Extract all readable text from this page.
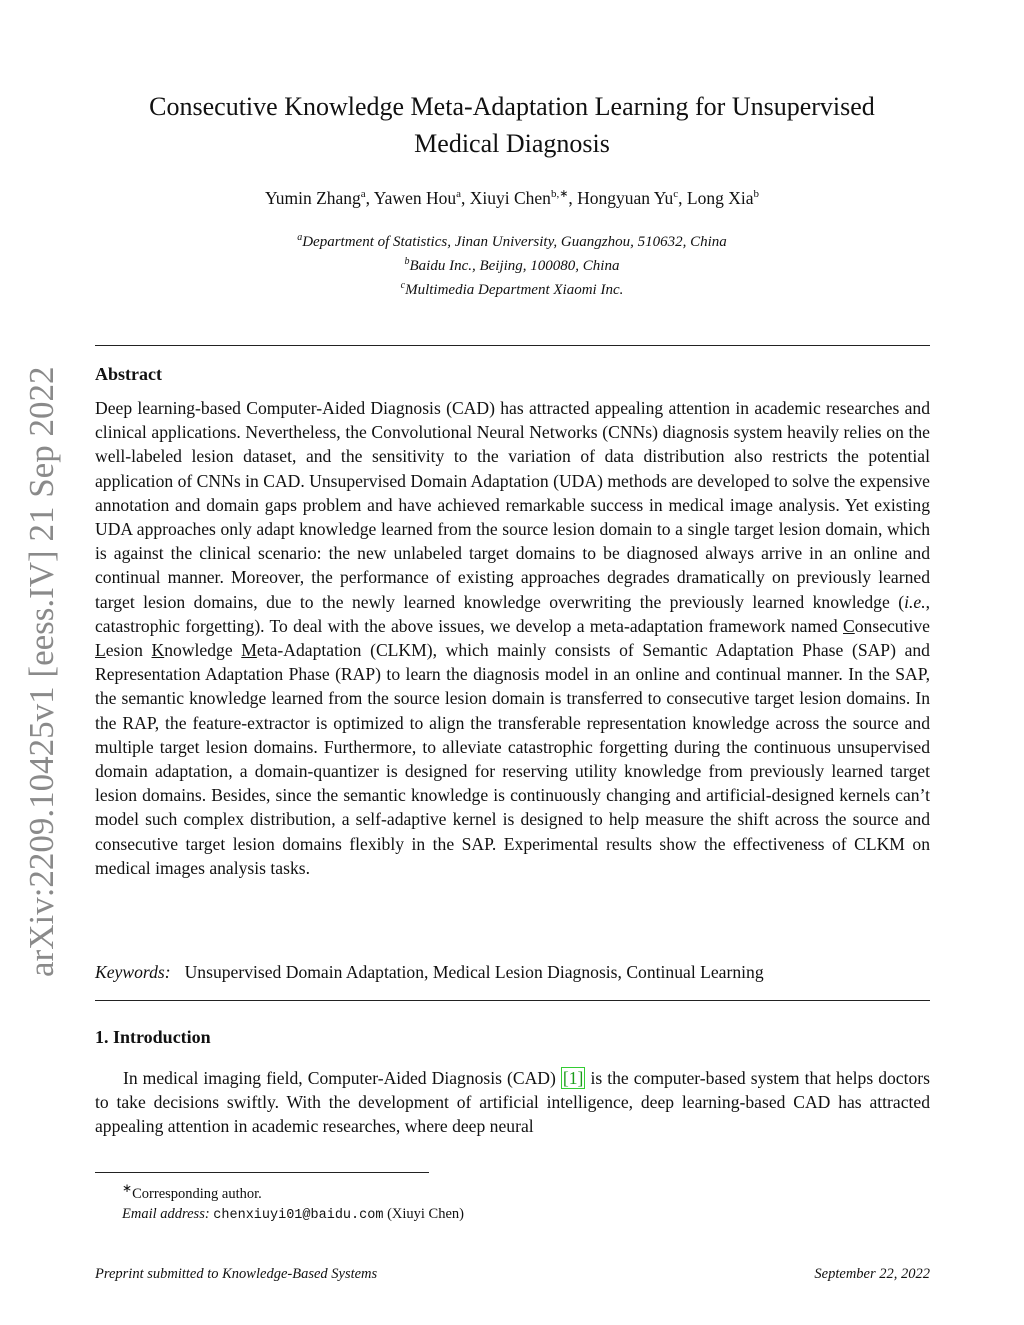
arXiv:2209.10425v1 [eess.IV] 21 Sep 2022
Consecutive Knowledge Meta-Adaptation Learning for Unsupervised
Medical Diagnosis
Yumin Zhang$^a$, Yawen Hou$^a$, Xiuyi Chen$^{b,∗}$, Hongyuan Yu$^c$, Long Xia$^b$
$^a$Department of Statistics, Jinan University, Guangzhou, 510632, China
$^b$Baidu Inc., Beijing, 100080, China
$^c$Multimedia Department Xiaomi Inc.
Abstract

Deep learning-based Computer-Aided Diagnosis (CAD) has attracted appealing attention in academic researches and clinical applications. Nevertheless, the Convolutional Neural Networks (CNNs) diagnosis system heavily relies on the well-labeled lesion dataset, and the sensitivity to the variation of data distribution also restricts the potential application of CNNs in CAD. Unsupervised Domain Adaptation (UDA) methods are developed to solve the expensive annotation and domain gaps problem and have achieved remarkable success in medical image analysis. Yet existing UDA approaches only adapt knowledge learned from the source lesion domain to a single target lesion domain, which is against the clinical scenario: the new unlabeled target domains to be diagnosed always arrive in an online and continual manner. Moreover, the performance of existing approaches degrades dramatically on previously learned target lesion domains, due to the newly learned knowledge overwriting the previously learned knowledge (i.e., catastrophic forgetting). To deal with the above issues, we develop a meta-adaptation framework named Consecutive Lesion Knowledge Meta-Adaptation (CLKM), which mainly consists of Semantic Adaptation Phase (SAP) and Representation Adaptation Phase (RAP) to learn the diagnosis model in an online and continual manner. In the SAP, the semantic knowledge learned from the source lesion domain is transferred to consecutive target lesion domains. In the RAP, the feature-extractor is optimized to align the transferable representation knowledge across the source and multiple target lesion domains. Furthermore, to alleviate catastrophic forgetting during the continuous unsupervised domain adaptation, a domain-quantizer is designed for reserving utility knowledge from previously learned target lesion domains. Besides, since the semantic knowledge is continuously changing and artificial-designed kernels can’t model such complex distribution, a self-adaptive kernel is designed to help measure the shift across the source and consecutive target lesion domains flexibly in the SAP. Experimental results show the effectiveness of CLKM on medical images analysis tasks.

Keywords: Unsupervised Domain Adaptation, Medical Lesion Diagnosis, Continual Learning
1. Introduction

In medical imaging field, Computer-Aided Diagnosis (CAD) [1] is the computer-based system that helps doctors to take decisions swiftly. With the development of artificial intelligence, deep learning-based CAD has attracted appealing attention in academic researches, where deep neural

∗Corresponding author.
Email address: chenxiuyi01@baidu.com (Xiuyi Chen)
Preprint submitted to Knowledge-Based Systems	September 22, 2022
